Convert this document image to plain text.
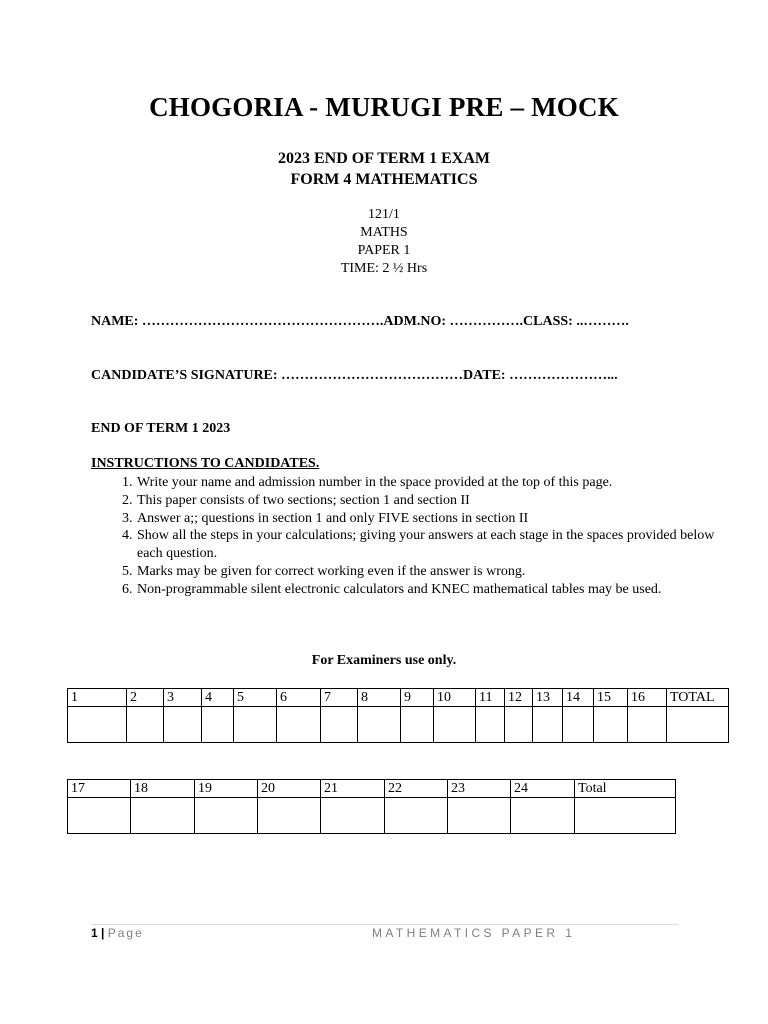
CHOGORIA - MURUGI PRE – MOCK
2023 END OF TERM 1 EXAM
FORM 4 MATHEMATICS
121/1
MATHS
PAPER 1
TIME: 2 ½ Hrs
NAME: …………………………………………….ADM.NO: …………….CLASS: ..……….
CANDIDATE’S SIGNATURE: …………………………………DATE: …………………...
END OF TERM 1 2023
INSTRUCTIONS TO CANDIDATES.
1. Write your name and admission number in the space provided at the top of this page.
2. This paper consists of two sections; section 1 and section II
3. Answer a;; questions in section 1 and only FIVE sections in section II
4. Show all the steps in your calculations; giving your answers at each stage in the spaces provided below each question.
5. Marks may be given for correct working even if the answer is wrong.
6. Non-programmable silent electronic calculators and KNEC mathematical tables may be used.
For Examiners use only.
1	2	3	4	5	6	7	8	9	10	11	12	13	14	15	16	TOTAL

17	18	19	20	21	22	23	24	Total

1 | Page	MATHEMATICS PAPER 1
